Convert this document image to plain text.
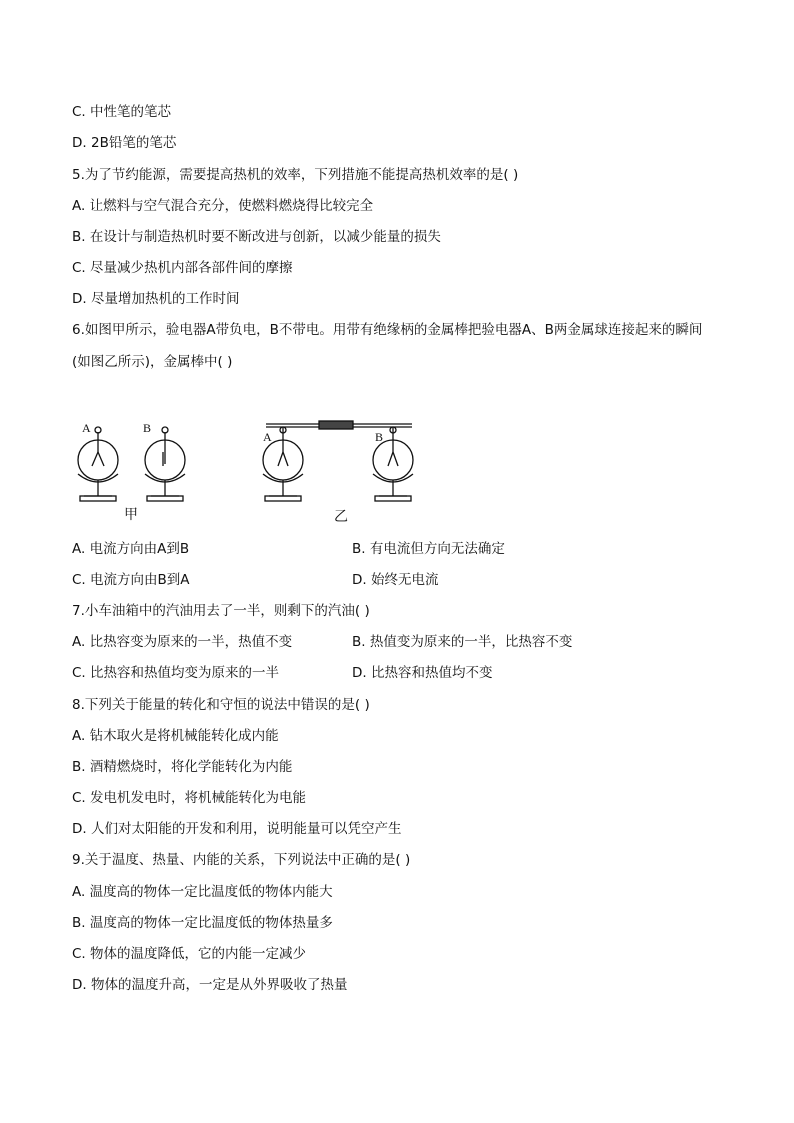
C. 中性笔的笔芯
D. 2B铅笔的笔芯
5.为了节约能源，需要提高热机的效率，下列措施不能提高热机效率的是( )
A. 让燃料与空气混合充分，使燃料燃烧得比较完全
B. 在设计与制造热机时要不断改进与创新，以减少能量的损失
C. 尽量减少热机内部各部件间的摩擦
D. 尽量增加热机的工作时间
6.如图甲所示，验电器A带负电，B不带电。用带有绝缘柄的金属棒把验电器A、B两金属球连接起来的瞬间
(如图乙所示)，金属棒中( )
A	B
A	B
甲	乙
A. 电流方向由A到B	B. 有电流但方向无法确定
C. 电流方向由B到A	D. 始终无电流
7.小车油箱中的汽油用去了一半，则剩下的汽油( )
A. 比热容变为原来的一半，热值不变	B. 热值变为原来的一半，比热容不变
C. 比热容和热值均变为原来的一半	D. 比热容和热值均不变
8.下列关于能量的转化和守恒的说法中错误的是( )
A. 钻木取火是将机械能转化成内能
B. 酒精燃烧时，将化学能转化为内能
C. 发电机发电时，将机械能转化为电能
D. 人们对太阳能的开发和利用，说明能量可以凭空产生
9.关于温度、热量、内能的关系，下列说法中正确的是( )
A. 温度高的物体一定比温度低的物体内能大
B. 温度高的物体一定比温度低的物体热量多
C. 物体的温度降低，它的内能一定减少
D. 物体的温度升高，一定是从外界吸收了热量
